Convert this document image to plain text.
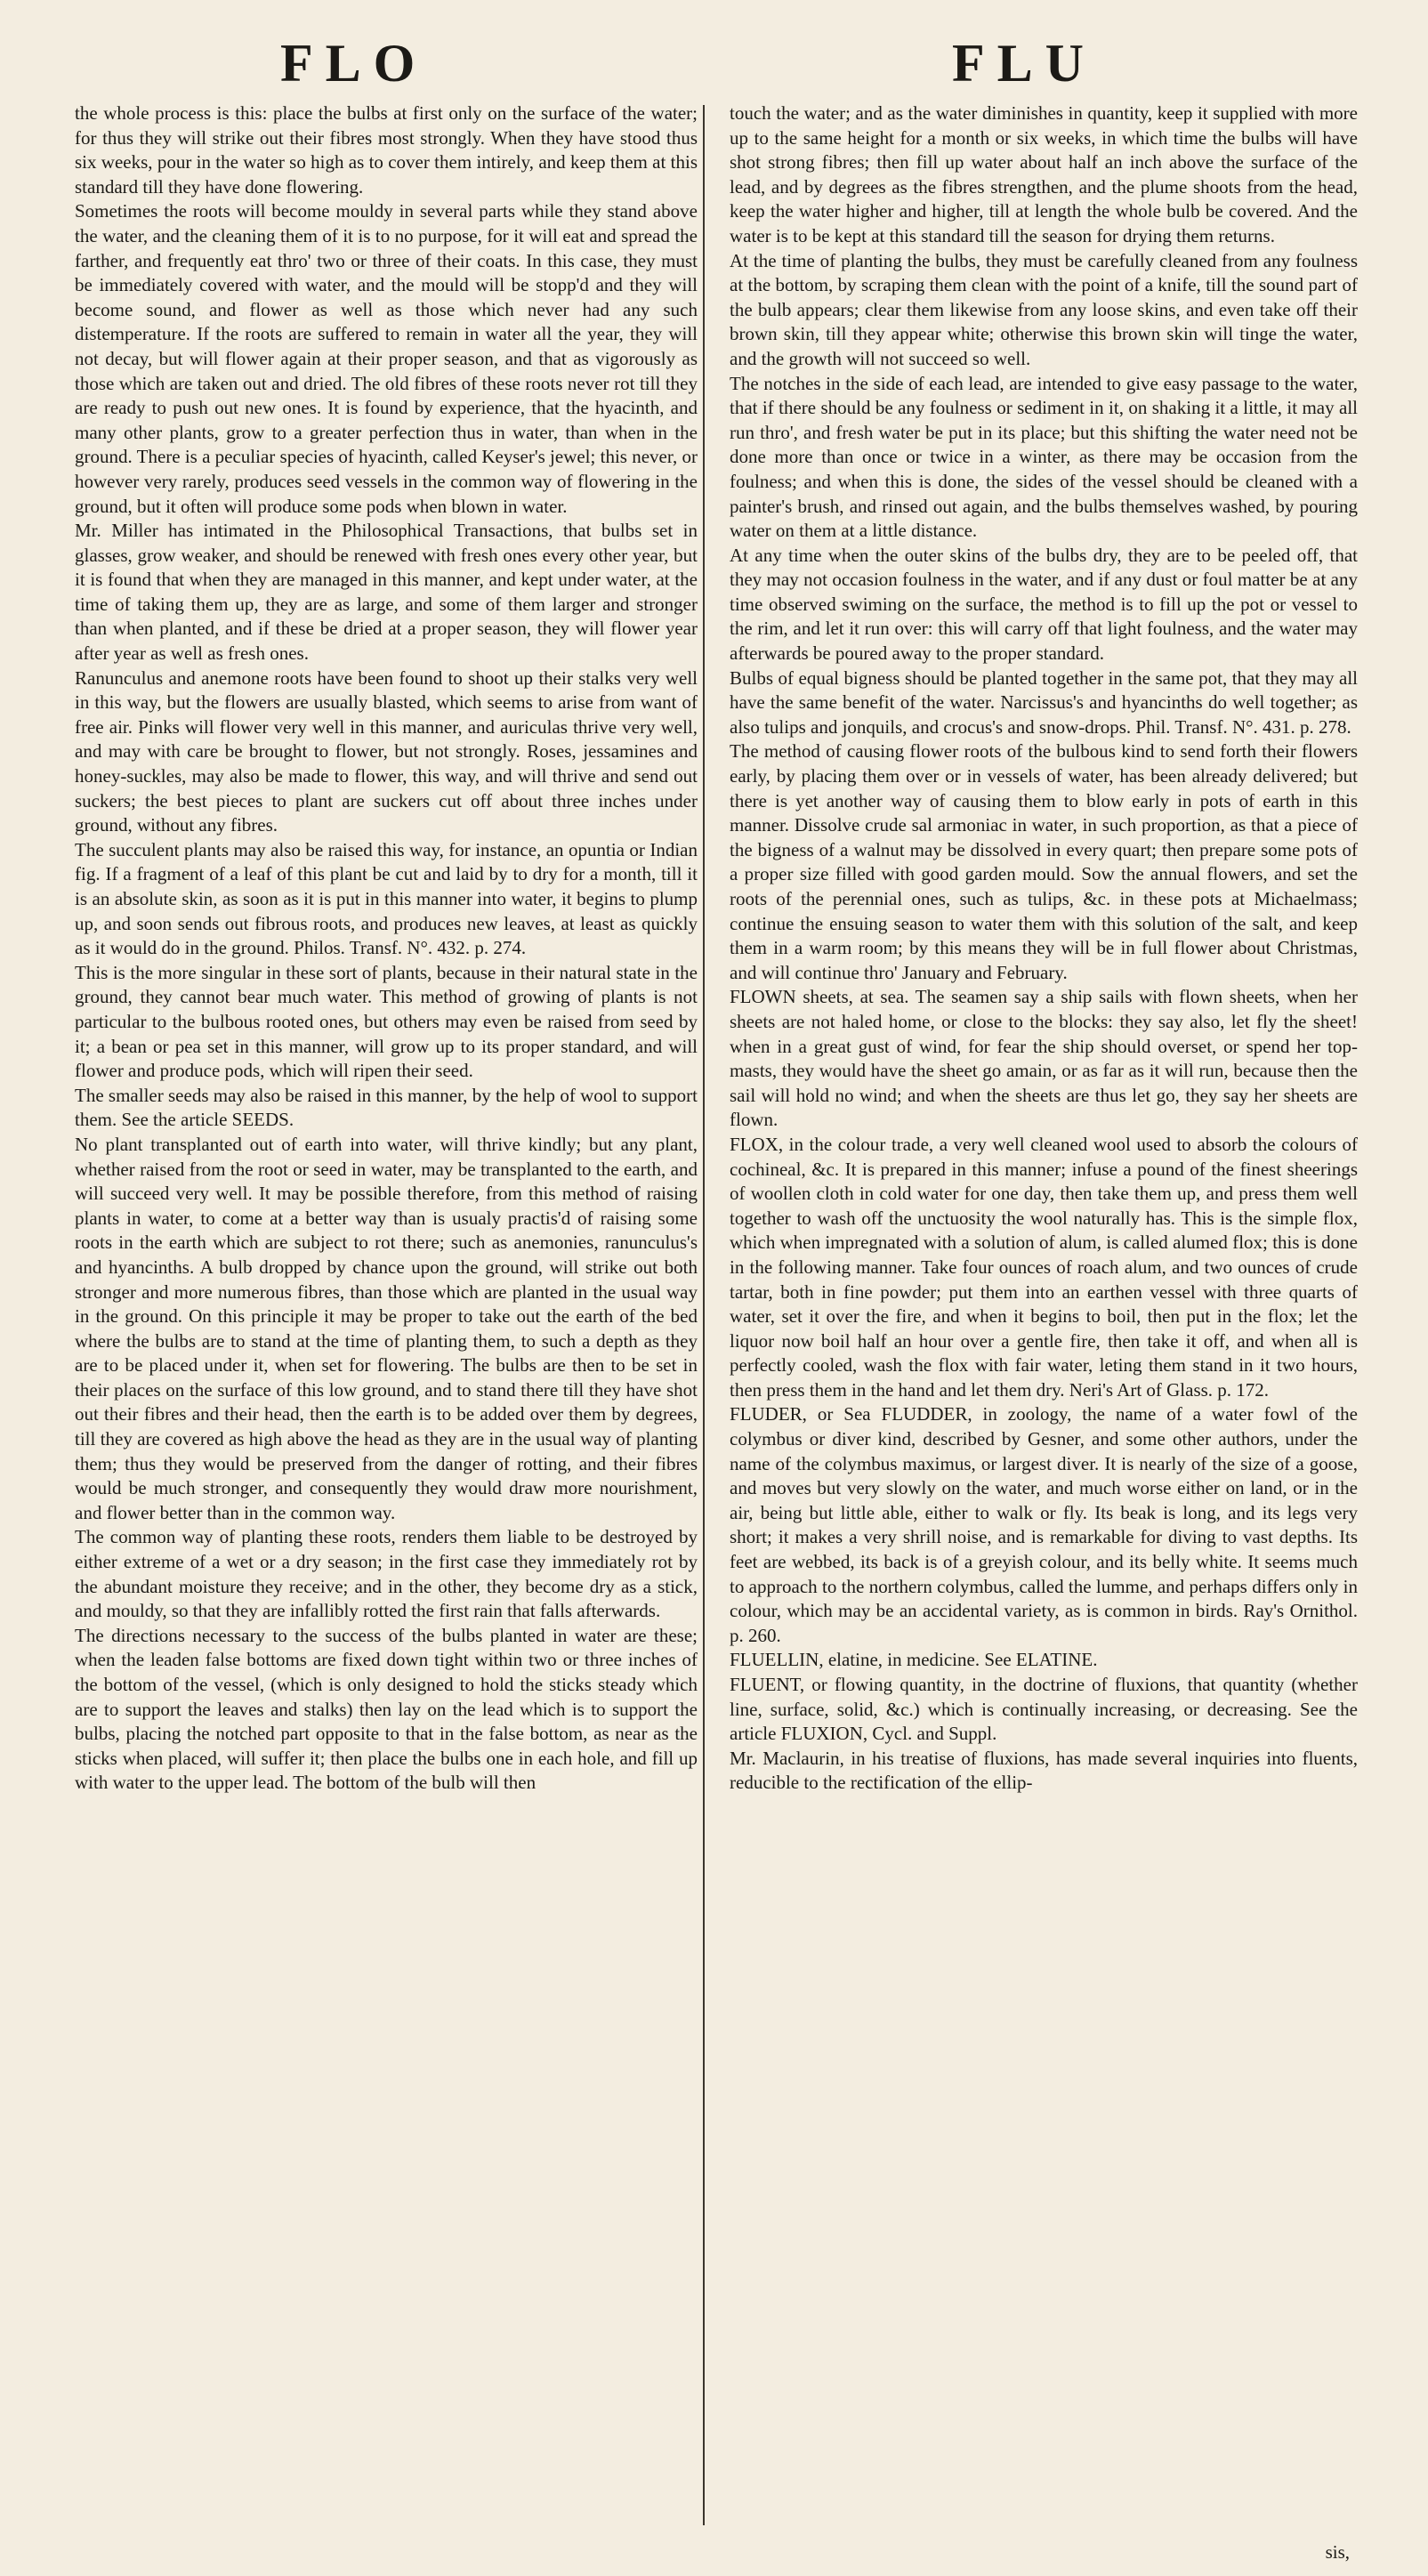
FLO	FLU

the whole process is this: place the bulbs at first only on the surface of the water; for thus they will strike out their fibres most strongly. When they have stood thus six weeks, pour in the water so high as to cover them intirely, and keep them at this standard till they have done flowering.

Sometimes the roots will become mouldy in several parts while they stand above the water, and the cleaning them of it is to no purpose, for it will eat and spread the farther, and frequently eat thro' two or three of their coats. In this case, they must be immediately covered with water, and the mould will be stopp'd and they will become sound, and flower as well as those which never had any such distemperature. If the roots are suffered to remain in water all the year, they will not decay, but will flower again at their proper season, and that as vigorously as those which are taken out and dried. The old fibres of these roots never rot till they are ready to push out new ones. It is found by experience, that the hyacinth, and many other plants, grow to a greater perfection thus in water, than when in the ground. There is a peculiar species of hyacinth, called Keyser's jewel; this never, or however very rarely, produces seed vessels in the common way of flowering in the ground, but it often will produce some pods when blown in water.

Mr. Miller has intimated in the Philosophical Transactions, that bulbs set in glasses, grow weaker, and should be renewed with fresh ones every other year, but it is found that when they are managed in this manner, and kept under water, at the time of taking them up, they are as large, and some of them larger and stronger than when planted, and if these be dried at a proper season, they will flower year after year as well as fresh ones.

Ranunculus and anemone roots have been found to shoot up their stalks very well in this way, but the flowers are usually blasted, which seems to arise from want of free air. Pinks will flower very well in this manner, and auriculas thrive very well, and may with care be brought to flower, but not strongly. Roses, jessamines and honey-suckles, may also be made to flower, this way, and will thrive and send out suckers; the best pieces to plant are suckers cut off about three inches under ground, without any fibres.

The succulent plants may also be raised this way, for instance, an opuntia or Indian fig. If a fragment of a leaf of this plant be cut and laid by to dry for a month, till it is an absolute skin, as soon as it is put in this manner into water, it begins to plump up, and soon sends out fibrous roots, and produces new leaves, at least as quickly as it would do in the ground. Philos. Transf. N°. 432. p. 274.

This is the more singular in these sort of plants, because in their natural state in the ground, they cannot bear much water. This method of growing of plants is not particular to the bulbous rooted ones, but others may even be raised from seed by it; a bean or pea set in this manner, will grow up to its proper standard, and will flower and produce pods, which will ripen their seed.

The smaller seeds may also be raised in this manner, by the help of wool to support them. See the article SEEDS.

No plant transplanted out of earth into water, will thrive kindly; but any plant, whether raised from the root or seed in water, may be transplanted to the earth, and will succeed very well. It may be possible therefore, from this method of raising plants in water, to come at a better way than is usualy practis'd of raising some roots in the earth which are subject to rot there; such as anemonies, ranunculus's and hyancinths. A bulb dropped by chance upon the ground, will strike out both stronger and more numerous fibres, than those which are planted in the usual way in the ground. On this principle it may be proper to take out the earth of the bed where the bulbs are to stand at the time of planting them, to such a depth as they are to be placed under it, when set for flowering. The bulbs are then to be set in their places on the surface of this low ground, and to stand there till they have shot out their fibres and their head, then the earth is to be added over them by degrees, till they are covered as high above the head as they are in the usual way of planting them; thus they would be preserved from the danger of rotting, and their fibres would be much stronger, and consequently they would draw more nourishment, and flower better than in the common way.

The common way of planting these roots, renders them liable to be destroyed by either extreme of a wet or a dry season; in the first case they immediately rot by the abundant moisture they receive; and in the other, they become dry as a stick, and mouldy, so that they are infallibly rotted the first rain that falls afterwards.

The directions necessary to the success of the bulbs planted in water are these; when the leaden false bottoms are fixed down tight within two or three inches of the bottom of the vessel, (which is only designed to hold the sticks steady which are to support the leaves and stalks) then lay on the lead which is to support the bulbs, placing the notched part opposite to that in the false bottom, as near as the sticks when placed, will suffer it; then place the bulbs one in each hole, and fill up with water to the upper lead. The bottom of the bulb will then

touch the water; and as the water diminishes in quantity, keep it supplied with more up to the same height for a month or six weeks, in which time the bulbs will have shot strong fibres; then fill up water about half an inch above the surface of the lead, and by degrees as the fibres strengthen, and the plume shoots from the head, keep the water higher and higher, till at length the whole bulb be covered. And the water is to be kept at this standard till the season for drying them returns.

At the time of planting the bulbs, they must be carefully cleaned from any foulness at the bottom, by scraping them clean with the point of a knife, till the sound part of the bulb appears; clear them likewise from any loose skins, and even take off their brown skin, till they appear white; otherwise this brown skin will tinge the water, and the growth will not succeed so well.

The notches in the side of each lead, are intended to give easy passage to the water, that if there should be any foulness or sediment in it, on shaking it a little, it may all run thro', and fresh water be put in its place; but this shifting the water need not be done more than once or twice in a winter, as there may be occasion from the foulness; and when this is done, the sides of the vessel should be cleaned with a painter's brush, and rinsed out again, and the bulbs themselves washed, by pouring water on them at a little distance.

At any time when the outer skins of the bulbs dry, they are to be peeled off, that they may not occasion foulness in the water, and if any dust or foul matter be at any time observed swiming on the surface, the method is to fill up the pot or vessel to the rim, and let it run over: this will carry off that light foulness, and the water may afterwards be poured away to the proper standard.

Bulbs of equal bigness should be planted together in the same pot, that they may all have the same benefit of the water. Narcissus's and hyancinths do well together; as also tulips and jonquils, and crocus's and snow-drops. Phil. Transf. N°. 431. p. 278.

The method of causing flower roots of the bulbous kind to send forth their flowers early, by placing them over or in vessels of water, has been already delivered; but there is yet another way of causing them to blow early in pots of earth in this manner. Dissolve crude sal armoniac in water, in such proportion, as that a piece of the bigness of a walnut may be dissolved in every quart; then prepare some pots of a proper size filled with good garden mould. Sow the annual flowers, and set the roots of the perennial ones, such as tulips, &c. in these pots at Michaelmass; continue the ensuing season to water them with this solution of the salt, and keep them in a warm room; by this means they will be in full flower about Christmas, and will continue thro' January and February.

FLOWN sheets, at sea. The seamen say a ship sails with flown sheets, when her sheets are not haled home, or close to the blocks: they say also, let fly the sheet! when in a great gust of wind, for fear the ship should overset, or spend her top-masts, they would have the sheet go amain, or as far as it will run, because then the sail will hold no wind; and when the sheets are thus let go, they say her sheets are flown.

FLOX, in the colour trade, a very well cleaned wool used to absorb the colours of cochineal, &c. It is prepared in this manner; infuse a pound of the finest sheerings of woollen cloth in cold water for one day, then take them up, and press them well together to wash off the unctuosity the wool naturally has. This is the simple flox, which when impregnated with a solution of alum, is called alumed flox; this is done in the following manner. Take four ounces of roach alum, and two ounces of crude tartar, both in fine powder; put them into an earthen vessel with three quarts of water, set it over the fire, and when it begins to boil, then put in the flox; let the liquor now boil half an hour over a gentle fire, then take it off, and when all is perfectly cooled, wash the flox with fair water, leting them stand in it two hours, then press them in the hand and let them dry. Neri's Art of Glass. p. 172.

FLUDER, or Sea FLUDDER, in zoology, the name of a water fowl of the colymbus or diver kind, described by Gesner, and some other authors, under the name of the colymbus maximus, or largest diver. It is nearly of the size of a goose, and moves but very slowly on the water, and much worse either on land, or in the air, being but little able, either to walk or fly. Its beak is long, and its legs very short; it makes a very shrill noise, and is remarkable for diving to vast depths. Its feet are webbed, its back is of a greyish colour, and its belly white. It seems much to approach to the northern colymbus, called the lumme, and perhaps differs only in colour, which may be an accidental variety, as is common in birds. Ray's Ornithol. p. 260.

FLUELLIN, elatine, in medicine. See ELATINE.

FLUENT, or flowing quantity, in the doctrine of fluxions, that quantity (whether line, surface, solid, &c.) which is continually increasing, or decreasing. See the article FLUXION, Cycl. and Suppl.

Mr. Maclaurin, in his treatise of fluxions, has made several inquiries into fluents, reducible to the rectification of the ellip-

sis,
